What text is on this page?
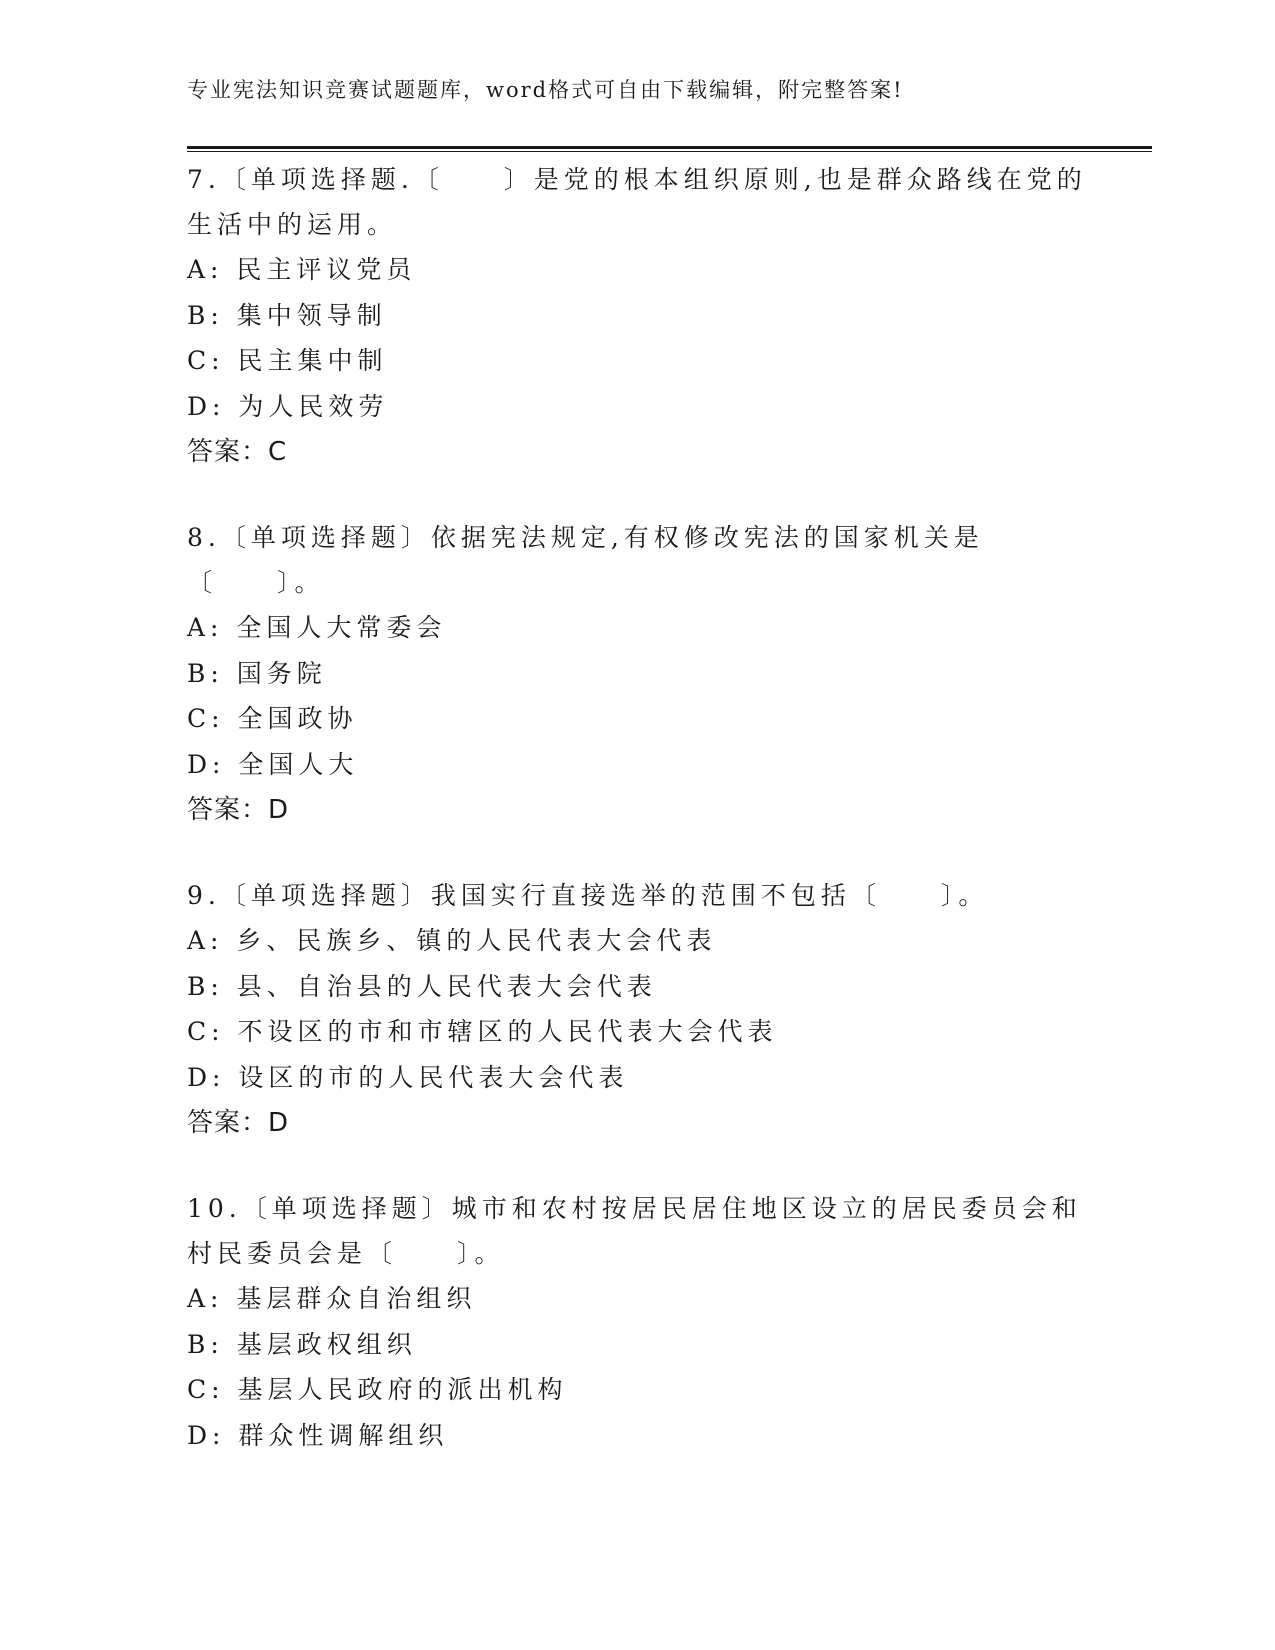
专业宪法知识竞赛试题题库，word格式可自由下载编辑，附完整答案!
7.〔单项选择题.〔　　〕是党的根本组织原则,也是群众路线在党的生活中的运用。
A: 民主评议党员
B: 集中领导制
C: 民主集中制
D: 为人民效劳
答案：C
8.〔单项选择题〕依据宪法规定,有权修改宪法的国家机关是〔　　〕。
A: 全国人大常委会
B: 国务院
C: 全国政协
D: 全国人大
答案：D
9.〔单项选择题〕我国实行直接选举的范围不包括〔　　〕。
A: 乡、民族乡、镇的人民代表大会代表
B: 县、自治县的人民代表大会代表
C: 不设区的市和市辖区的人民代表大会代表
D: 设区的市的人民代表大会代表
答案：D
10.〔单项选择题〕城市和农村按居民居住地区设立的居民委员会和村民委员会是〔　　〕。
A: 基层群众自治组织
B: 基层政权组织
C: 基层人民政府的派出机构
D: 群众性调解组织
